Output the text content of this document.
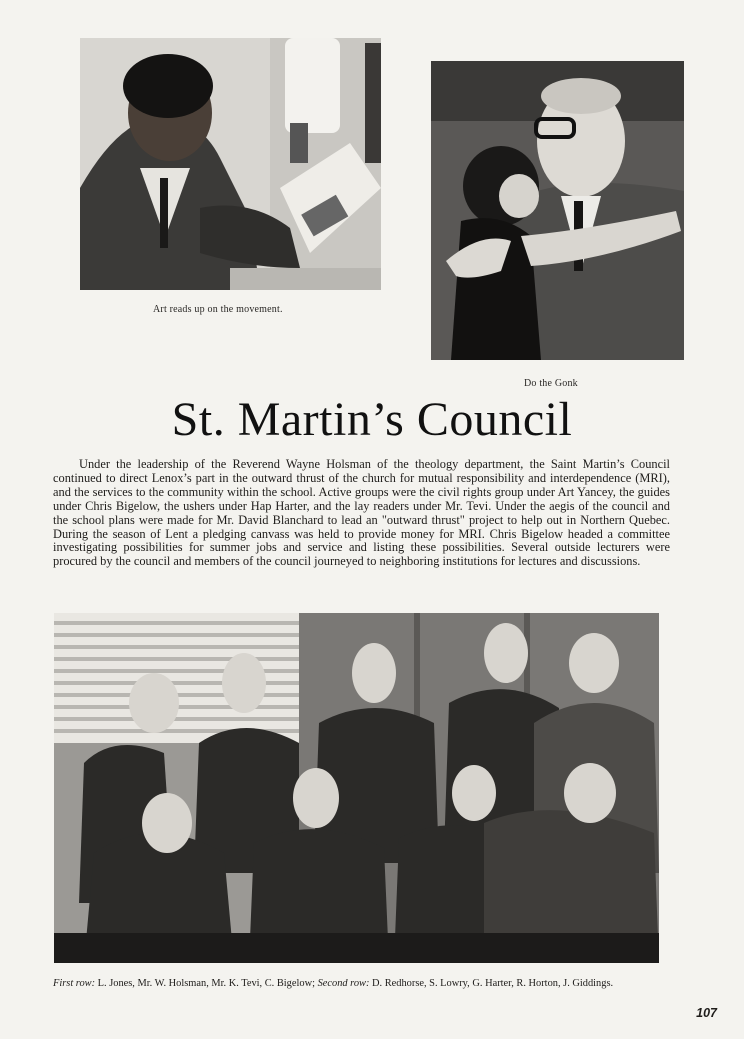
Art reads up on the movement.
Do the Gonk
St. Martin’s Council

Under the leadership of the Reverend Wayne Holsman of the theology department, the Saint Martin’s Council continued to direct Lenox’s part in the outward thrust of the church for mutual responsibility and interdependence (MRI), and the services to the community within the school. Active groups were the civil rights group under Art Yancey, the guides under Chris Bigelow, the ushers under Hap Harter, and the lay readers under Mr. Tevi. Under the aegis of the council and the school plans were made for Mr. David Blanchard to lead an "outward thrust" project to help out in Northern Quebec. During the season of Lent a pledging canvass was held to provide money for MRI. Chris Bigelow headed a committee investigating possibilities for summer jobs and service and listing these possibilities. Several outside lecturers were procured by the council and members of the council journeyed to neighboring institutions for lectures and discussions.

First row: L. Jones, Mr. W. Holsman, Mr. K. Tevi, C. Bigelow; Second row: D. Redhorse, S. Lowry, G. Harter, R. Horton, J. Giddings.

107
